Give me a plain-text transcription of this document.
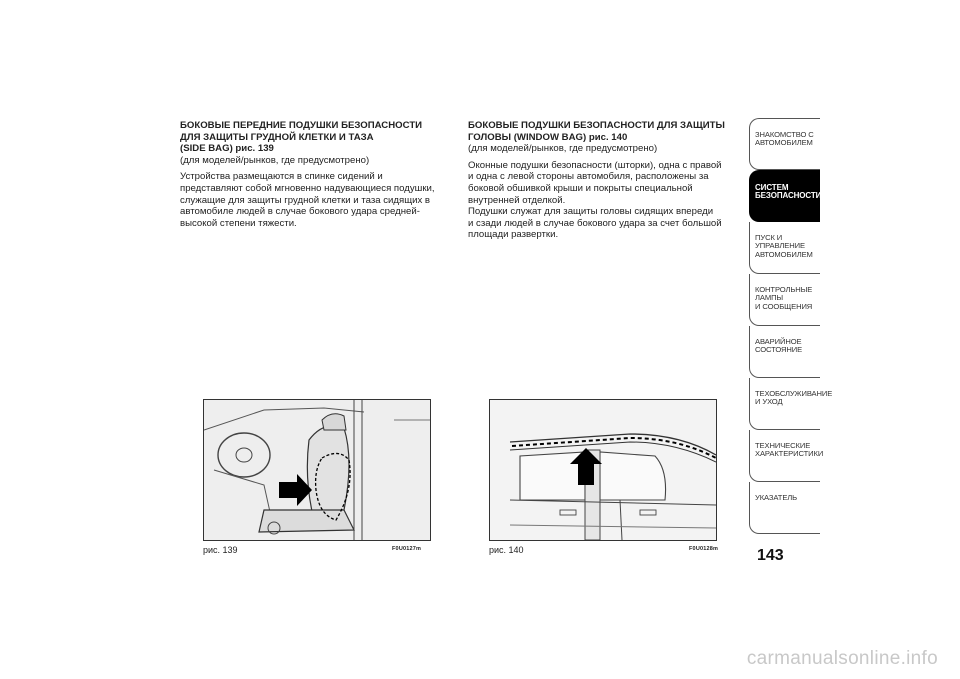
БОКОВЫЕ ПЕРЕДНИЕ ПОДУШКИ БЕЗОПАСНОСТИ
ДЛЯ ЗАЩИТЫ ГРУДНОЙ КЛЕТКИ И ТАЗА
(SIDE BAG) рис. 139

(для моделей/рынков, где предусмотрено)

Устройства размещаются в спинке сидений и
представляют собой мгновенно надувающиеся подушки,
служащие для защиты грудной клетки и таза сидящих в
автомобиле людей в случае бокового удара средней-
высокой степени тяжести.

БОКОВЫЕ ПОДУШКИ БЕЗОПАСНОСТИ ДЛЯ ЗАЩИТЫ
ГОЛОВЫ (WINDOW BAG) рис. 140

(для моделей/рынков, где предусмотрено)

Оконные подушки безопасности (шторки), одна с правой
и одна с левой стороны автомобиля, расположены за
боковой обшивкой крыши и покрыты специальной
внутренней отделкой.
Подушки служат для защиты головы сидящих впереди
и сзади людей в случае бокового удара за счет большой
площади развертки.

рис. 139	F0U0127m	рис. 140	F0U0128m
ЗНАКОМСТВО С
АВТОМОБИЛЕМ
СИСТЕМ
БЕЗОПАСНОСТИ
ПУСК И УПРАВЛЕНИЕ
АВТОМОБИЛЕМ
КОНТРОЛЬНЫЕ
ЛАМПЫ
И СООБЩЕНИЯ
АВАРИЙНОЕ
СОСТОЯНИЕ
ТЕХОБСЛУЖИВАНИЕ
И УХОД
ТЕХНИЧЕСКИЕ
ХАРАКТЕРИСТИКИ
УКАЗАТЕЛЬ
143
carmanualsonline.info
